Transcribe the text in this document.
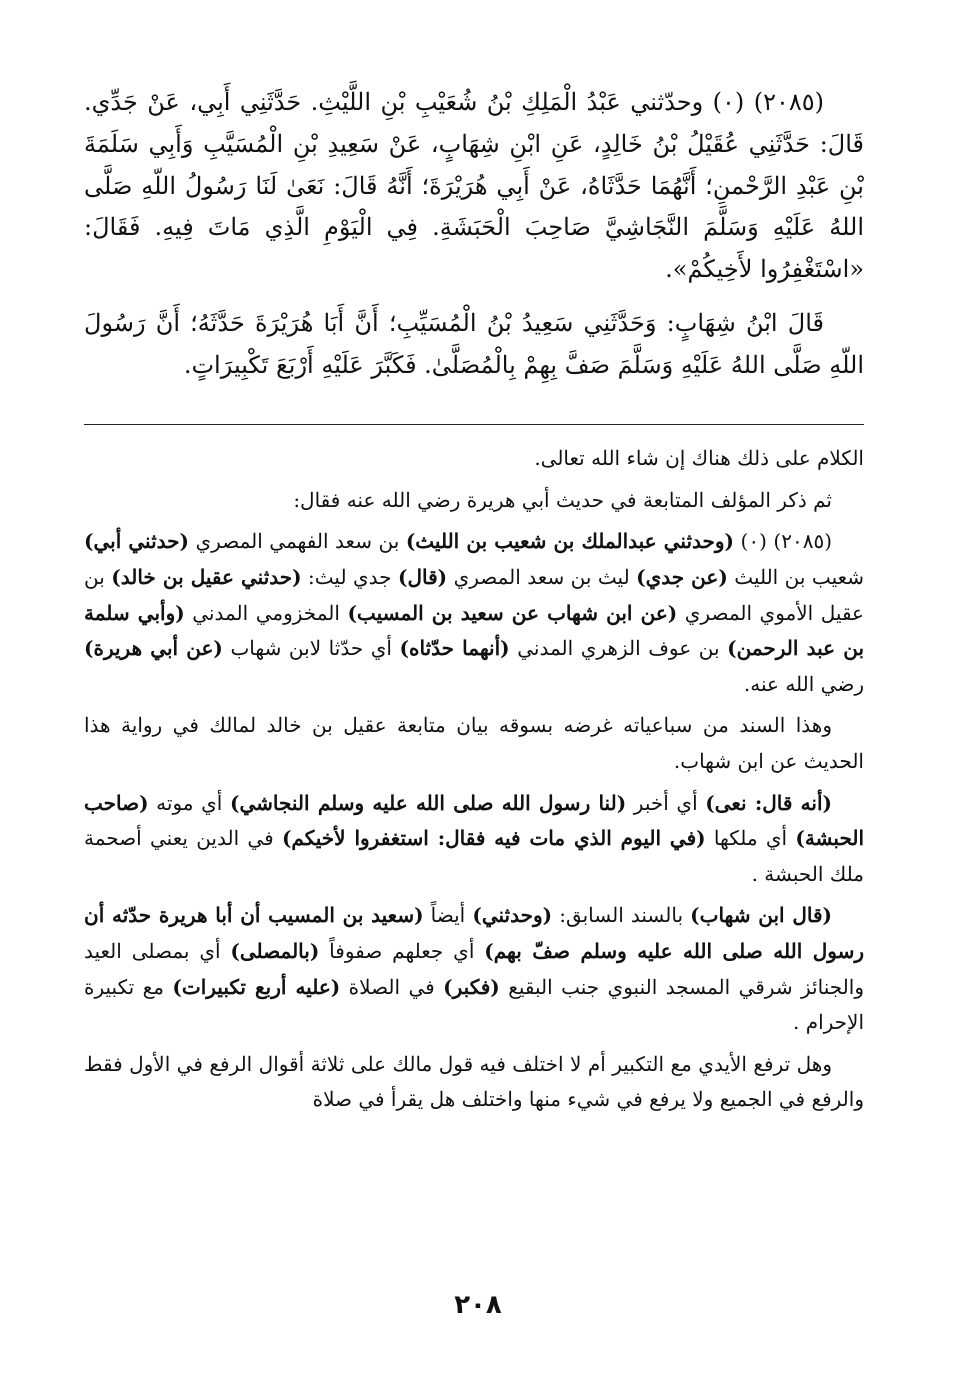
(٢٠٨٥) (٠) وحدّثني عَبْدُ الْمَلِكِ بْنُ شُعَيْبِ بْنِ اللَّيْثِ. حَدَّثَنِي أَبِي، عَنْ جَدِّي. قَالَ: حَدَّثَنِي عُقَيْلُ بْنُ خَالِدٍ، عَنِ ابْنِ شِهَابٍ، عَنْ سَعِيدِ بْنِ الْمُسَيَّبِ وَأَبِي سَلَمَةَ بْنِ عَبْدِ الرَّحْمنِ؛ أَنَّهُمَا حَدَّثَاهُ، عَنْ أَبِي هُرَيْرَةَ؛ أَنَّهُ قَالَ: نَعَىٰ لَنَا رَسُولُ اللّهِ صَلَّى اللهُ عَلَيْهِ وَسَلَّمَ النَّجَاشِيَّ صَاحِبَ الْحَبَشَةِ. فِي الْيَوْمِ الَّذِي مَاتَ فِيهِ. فَقَالَ: «اسْتَغْفِرُوا لأَخِيكُمْ».

قَالَ ابْنُ شِهَابٍ: وَحَدَّثَنِي سَعِيدُ بْنُ الْمُسَيِّبِ؛ أَنَّ أَبَا هُرَيْرَةَ حَدَّثَهُ؛ أَنَّ رَسُولَ اللّهِ صَلَّى اللهُ عَلَيْهِ وَسَلَّمَ صَفَّ بِهِمْ بِالْمُصَلَّىٰ. فَكَبَّرَ عَلَيْهِ أَرْبَعَ تَكْبِيرَاتٍ.

الكلام على ذلك هناك إن شاء الله تعالى.

ثم ذكر المؤلف المتابعة في حديث أبي هريرة رضي الله عنه فقال:

(٢٠٨٥) (٠) (وحدثني عبدالملك بن شعيب بن الليث) بن سعد الفهمي المصري (حدثني أبي) شعيب بن الليث (عن جدي) ليث بن سعد المصري (قال) جدي ليث: (حدثني عقيل بن خالد) بن عقيل الأموي المصري (عن ابن شهاب عن سعيد بن المسيب) المخزومي المدني (وأبي سلمة بن عبد الرحمن) بن عوف الزهري المدني (أنهما حدّثاه) أي حدّثا لابن شهاب (عن أبي هريرة) رضي الله عنه.

وهذا السند من سباعياته غرضه بسوقه بيان متابعة عقيل بن خالد لمالك في رواية هذا الحديث عن ابن شهاب.

(أنه قال: نعى) أي أخبر (لنا رسول الله صلى الله عليه وسلم النجاشي) أي موته (صاحب الحبشة) أي ملكها (في اليوم الذي مات فيه فقال: استغفروا لأخيكم) في الدين يعني أصحمة ملك الحبشة .

(قال ابن شهاب) بالسند السابق: (وحدثني) أيضاً (سعيد بن المسيب أن أبا هريرة حدّثه أن رسول الله صلى الله عليه وسلم صفّ بهم) أي جعلهم صفوفاً (بالمصلى) أي بمصلى العيد والجنائز شرقي المسجد النبوي جنب البقيع (فكبر) في الصلاة (عليه أربع تكبيرات) مع تكبيرة الإحرام .

وهل ترفع الأيدي مع التكبير أم لا اختلف فيه قول مالك على ثلاثة أقوال الرفع في الأول فقط والرفع في الجميع ولا يرفع في شيء منها واختلف هل يقرأ في صلاة

٢٠٨
